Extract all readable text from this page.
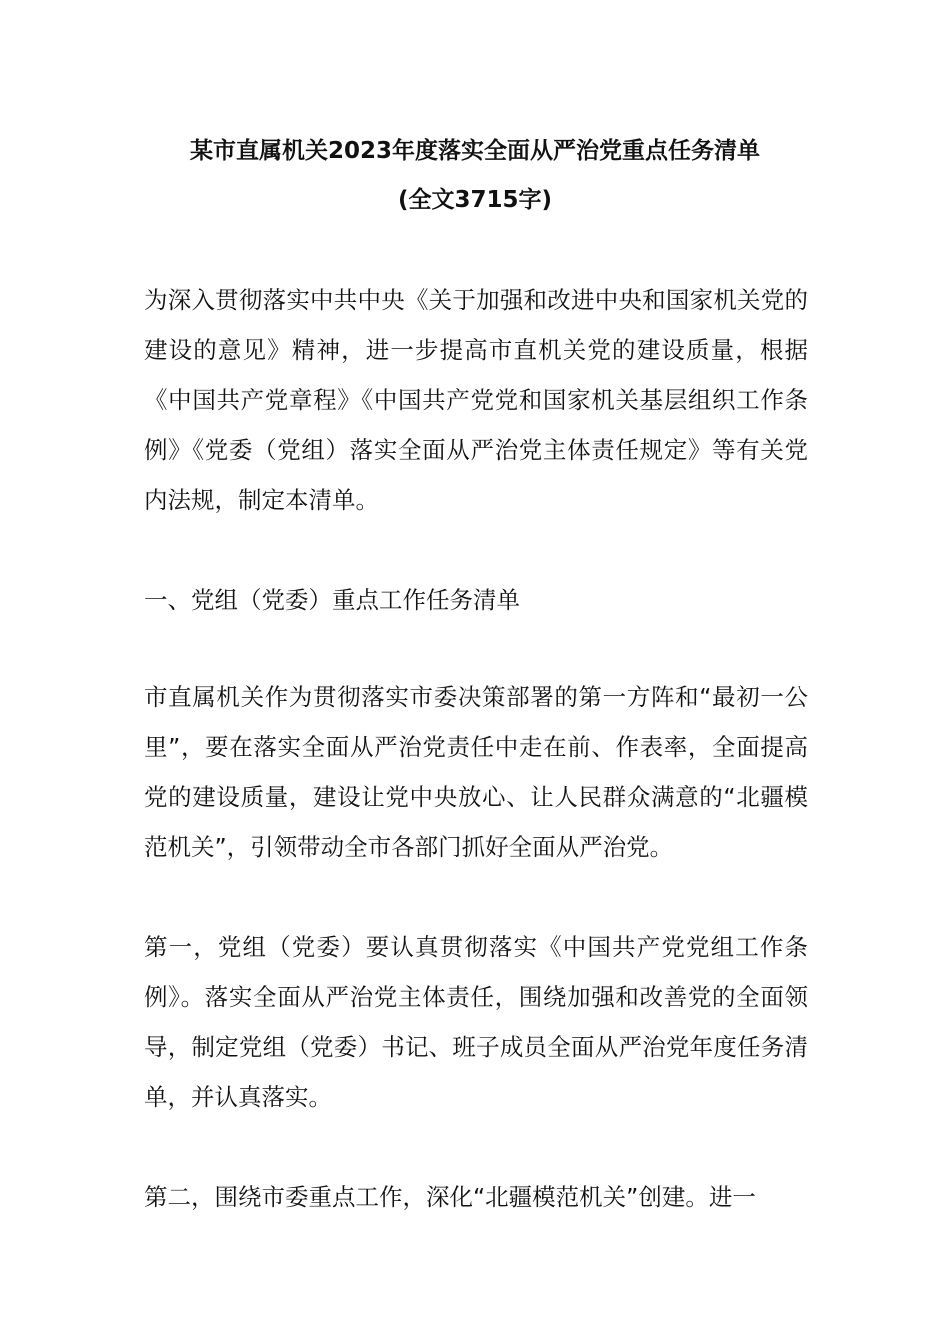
某市直属机关2023年度落实全面从严治党重点任务清单
(全文3715字)

为深入贯彻落实中共中央《关于加强和改进中央和国家机关党的建设的意见》精神，进一步提高市直机关党的建设质量，根据《中国共产党章程》《中国共产党党和国家机关基层组织工作条例》《党委（党组）落实全面从严治党主体责任规定》等有关党内法规，制定本清单。

一、党组（党委）重点工作任务清单

市直属机关作为贯彻落实市委决策部署的第一方阵和“最初一公里”，要在落实全面从严治党责任中走在前、作表率，全面提高党的建设质量，建设让党中央放心、让人民群众满意的“北疆模范机关”，引领带动全市各部门抓好全面从严治党。

第一，党组（党委）要认真贯彻落实《中国共产党党组工作条例》。落实全面从严治党主体责任，围绕加强和改善党的全面领导，制定党组（党委）书记、班子成员全面从严治党年度任务清单，并认真落实。

第二，围绕市委重点工作，深化“北疆模范机关”创建。进一
